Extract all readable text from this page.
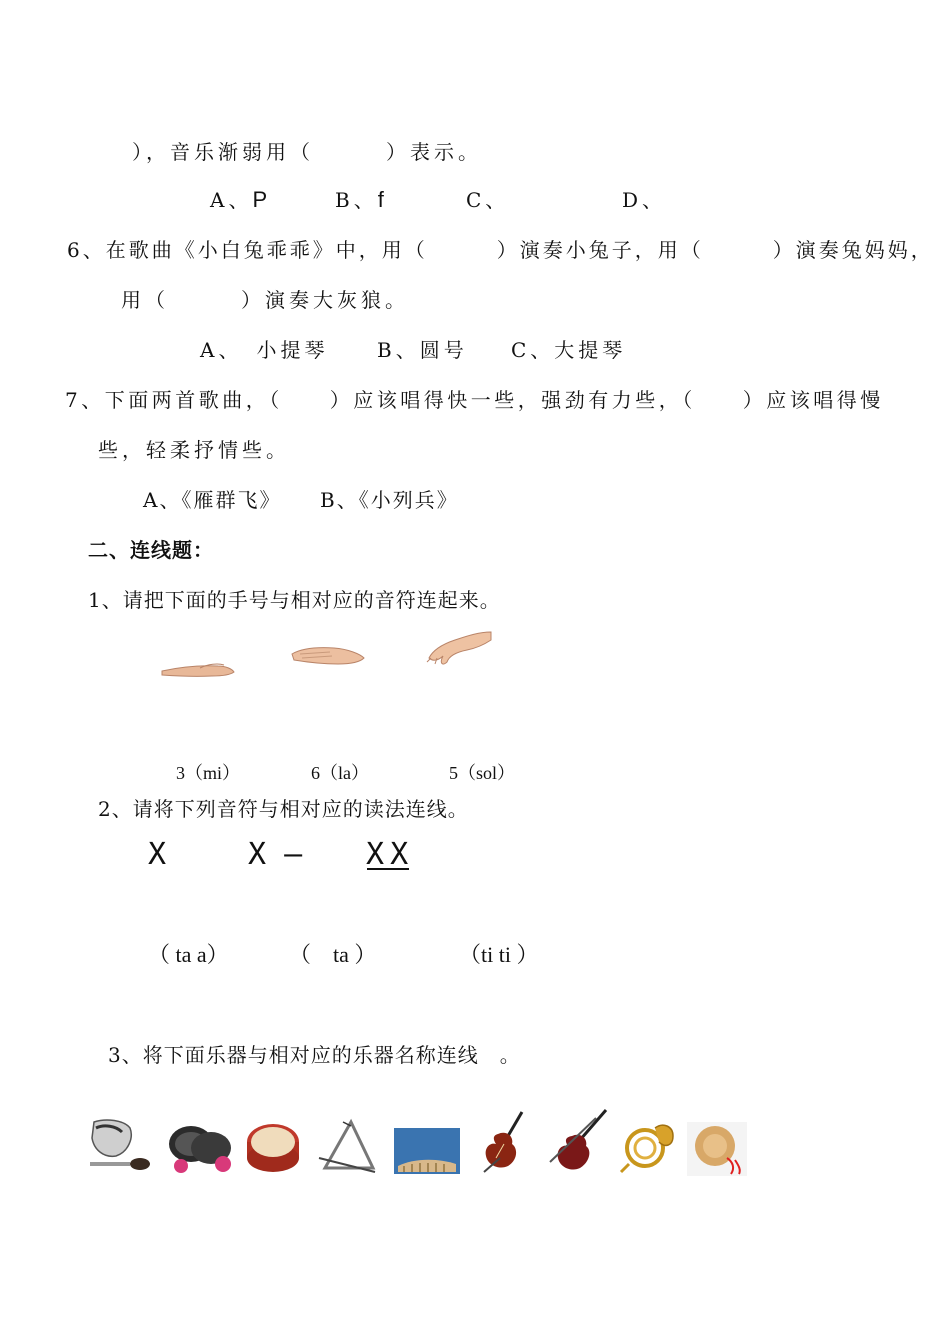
），音乐渐弱用（　　　）表示。
A、P	B、f	C、	D、
6、在歌曲《小白兔乖乖》中，用（　　　）演奏小兔子，用（　　　）演奏兔妈妈，
用（　　　）演奏大灰狼。
A、　小提琴 B、圆号 C、大提琴
7、下面两首歌曲，（　　）应该唱得快一些，强劲有力些，（　　）应该唱得慢
些，轻柔抒情些。
A、《雁群飞》 B、《小列兵》
二、连线题：
1、请把下面的手号与相对应的音符连起来。
3（mi）	6（la）	5（sol）
2、请将下列音符与相对应的读法连线。
X	X – X X
（ ta a）	（　ta ）	（ti ti ）
3、将下面乐器与相对应的乐器名称连线　。
